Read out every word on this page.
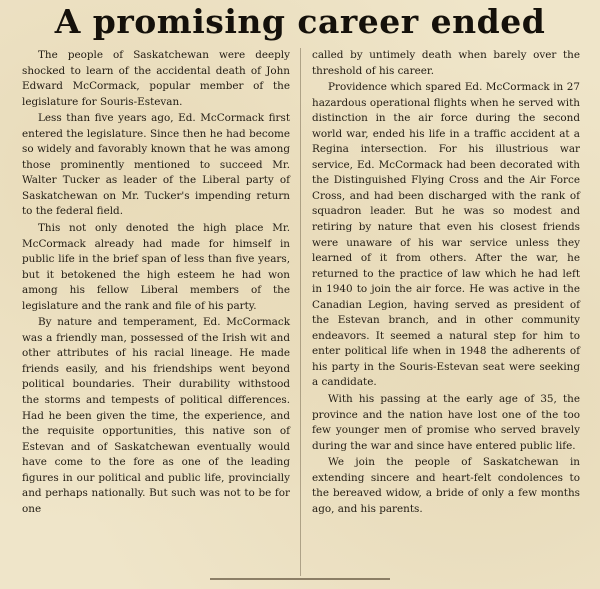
A promising career ended

The people of Saskatchewan were deeply shocked to learn of the accidental death of John Edward McCormack, popular member of the legislature for Souris-Estevan.

Less than five years ago, Ed. McCormack first entered the legislature. Since then he had become so widely and favorably known that he was among those prominently mentioned to succeed Mr. Walter Tucker as leader of the Liberal party of Saskatchewan on Mr. Tucker's impending return to the federal field.

This not only denoted the high place Mr. McCormack already had made for himself in public life in the brief span of less than five years, but it betokened the high esteem he had won among his fellow Liberal members of the legislature and the rank and file of his party.

By nature and temperament, Ed. McCormack was a friendly man, possessed of the Irish wit and other attributes of his racial lineage. He made friends easily, and his friendships went beyond political boundaries. Their durability withstood the storms and tempests of political differences. Had he been given the time, the experience, and the requisite opportunities, this native son of Estevan and of Saskatchewan eventually would have come to the fore as one of the leading figures in our political and public life, provincially and perhaps nationally. But such was not to be for one

called by untimely death when barely over the threshold of his career.

Providence which spared Ed. McCormack in 27 hazardous operational flights when he served with distinction in the air force during the second world war, ended his life in a traffic accident at a Regina intersection. For his illustrious war service, Ed. McCormack had been decorated with the Distinguished Flying Cross and the Air Force Cross, and had been discharged with the rank of squadron leader. But he was so modest and retiring by nature that even his closest friends were unaware of his war service unless they learned of it from others. After the war, he returned to the practice of law which he had left in 1940 to join the air force. He was active in the Canadian Legion, having served as president of the Estevan branch, and in other community endeavors. It seemed a natural step for him to enter political life when in 1948 the adherents of his party in the Souris-Estevan seat were seeking a candidate.

With his passing at the early age of 35, the province and the nation have lost one of the too few younger men of promise who served bravely during the war and since have entered public life.

We join the people of Saskatchewan in extending sincere and heart-felt condolences to the bereaved widow, a bride of only a few months ago, and his parents.
